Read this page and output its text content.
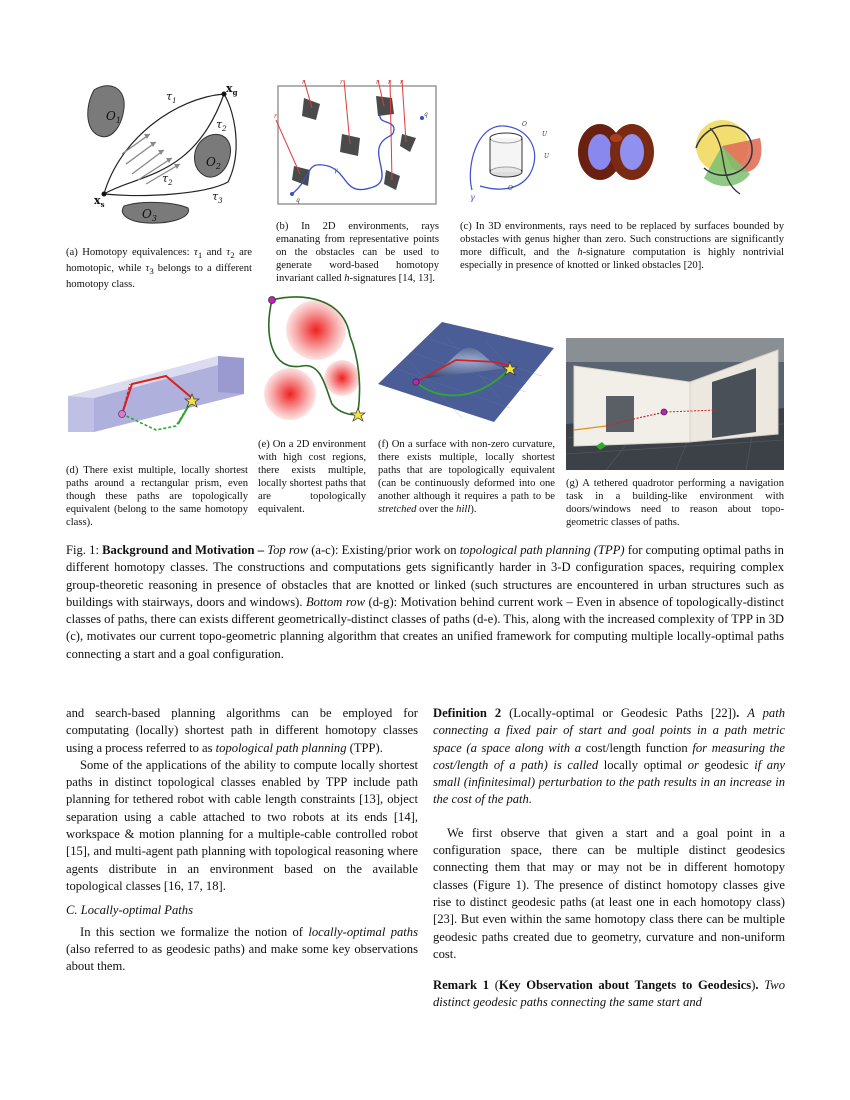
$O_1$
$O_2$
$O_3$
$\tau_1$
$\tau_2$
$\tau_2$
$\tau_3$
$x_s$
$x_g$
(a) Homotopy equivalences: $\tau_1$ and $\tau_2$ are homotopic, while $\tau_3$ belongs to a different homotopy class.
r	r	r r r
r
q
q
γ
(b) In 2D environments, rays emanating from representative points on the obstacles can be used to generate word-based homotopy invariant called h-signatures [14, 13].
γ
O
O
U
U
(c) In 3D environments, rays need to be replaced by surfaces bounded by obstacles with genus higher than zero. Such constructions are significantly more difficult, and the h-signature computation is highly nontrivial especially in presence of knotted or linked obstacles [20].
(d) There exist multiple, locally shortest paths around a rectangular prism, even though these paths are topologically equivalent (belong to the same homotopy class).
(e) On a 2D environment with high cost regions, there exists multiple, locally shortest paths that are topologically equivalent.
(f) On a surface with non-zero curvature, there exists multiple, locally shortest paths that are topologically equivalent (can be continuously deformed into one another although it requires a path to be stretched over the hill).
(g) A tethered quadrotor performing a navigation task in a building-like environment with doors/windows need to reason about topo-geometric classes of paths.
Fig. 1: Background and Motivation – Top row (a-c): Existing/prior work on topological path planning (TPP) for computing optimal paths in different homotopy classes. The constructions and computations gets significantly harder in 3-D configuration spaces, requiring complex group-theoretic reasoning in presence of obstacles that are knotted or linked (such structures are encountered in urban structures such as buildings with stairways, doors and windows). Bottom row (d-g): Motivation behind current work – Even in absence of topologically-distinct classes of paths, there can exists different geometrically-distinct classes of paths (d-e). This, along with the increased complexity of TPP in 3D (c), motivates our current topo-geometric planning algorithm that creates an unified framework for computing multiple locally-optimal paths connecting a start and a goal configuration.

and search-based planning algorithms can be employed for computating (locally) shortest path in different homotopy classes using a process referred to as topological path planning (TPP).

Some of the applications of the ability to compute locally shortest paths in distinct topological classes enabled by TPP include path planning for tethered robot with cable length constraints [13], object separation using a cable attached to two robots at its ends [14], workspace & motion planning for a multiple-cable controlled robot [15], and multi-agent path planning with topological reasoning where agents distribute in an environment based on the available topological classes [16, 17, 18].

C. Locally-optimal Paths

In this section we formalize the notion of locally-optimal paths (also referred to as geodesic paths) and make some key observations about them.

Definition 2 (Locally-optimal or Geodesic Paths [22]). A path connecting a fixed pair of start and goal points in a path metric space (a space along with a cost/length function for measuring the cost/length of a path) is called locally optimal or geodesic if any small (infinitesimal) perturbation to the path results in an increase in the cost of the path.

We first observe that given a start and a goal point in a configuration space, there can be multiple distinct geodesics connecting them that may or may not be in different homotopy classes (Figure 1). The presence of distinct homotopy classes give rise to distinct geodesic paths (at least one in each homotopy class) [23]. But even within the same homotopy class there can be multiple geodesic paths created due to geometry, curvature and non-uniform cost.

Remark 1 (Key Observation about Tangets to Geodesics). Two distinct geodesic paths connecting the same start and
